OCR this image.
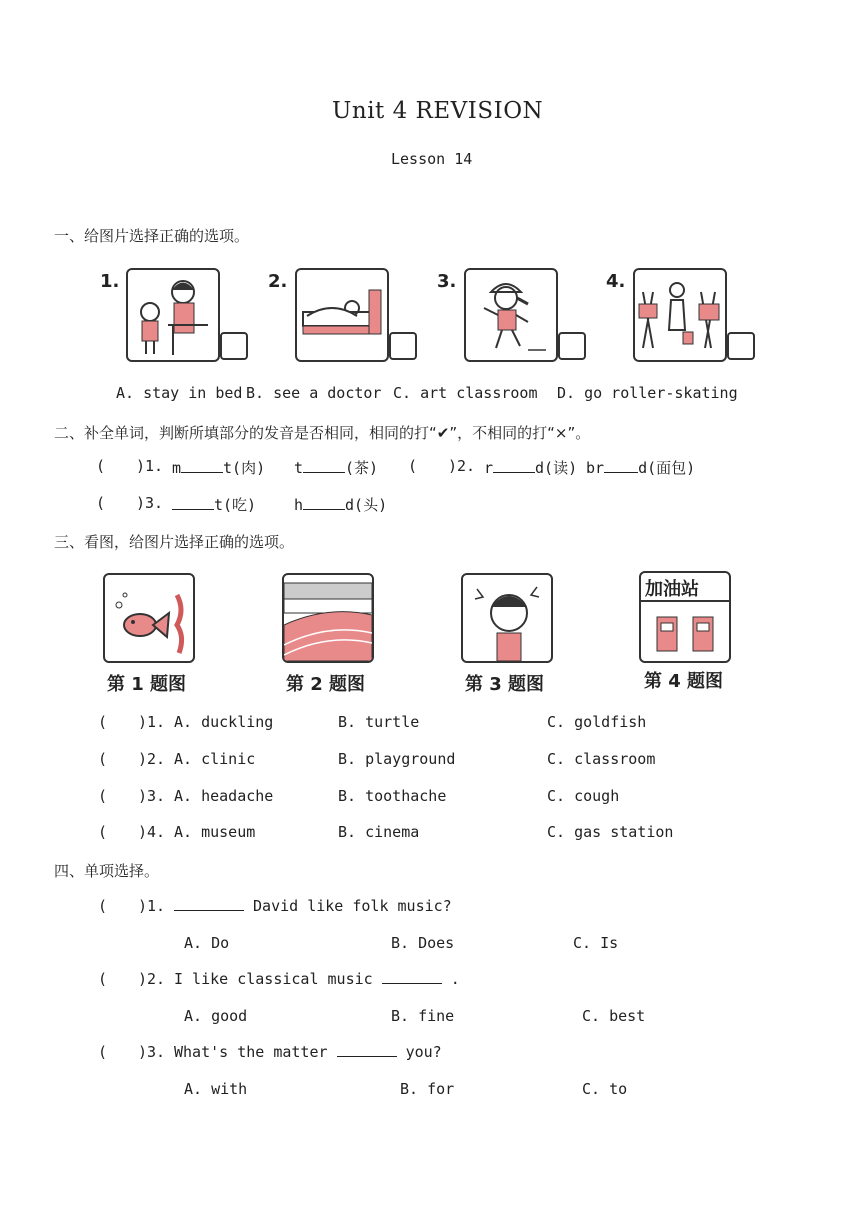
Unit 4 REVISION
Lesson 14
一、给图片选择正确的选项。
1.	2.	3.	4.
A. stay in bed B. see a doctor C. art classroom D. go roller-skating
二、补全单词，判断所填部分的发音是否相同，相同的打“✔”，不相同的打“×”。
( )1. m	t(肉) t	(茶) ( )2. r	d(读) br d(面包)
( )3.	t(吃)	h	d(头)
三、看图，给图片选择正确的选项。
第 1 题图	第 2 题图	第 3 题图
加油站
第 4 题图
( )1. A. duckling	B. turtle	C. goldfish
( )2. A. clinic	B. playground	C. classroom
( )3. A. headache	B. toothache	C. cough
( )4. A. museum	B. cinema	C. gas station
四、单项选择。
( )1.	David like folk music?
A. Do	B. Does	C. Is
( )2. I like classical music	.
A. good	B. fine	C. best
( )3. What's the matter	you?
A. with	B. for	C. to
